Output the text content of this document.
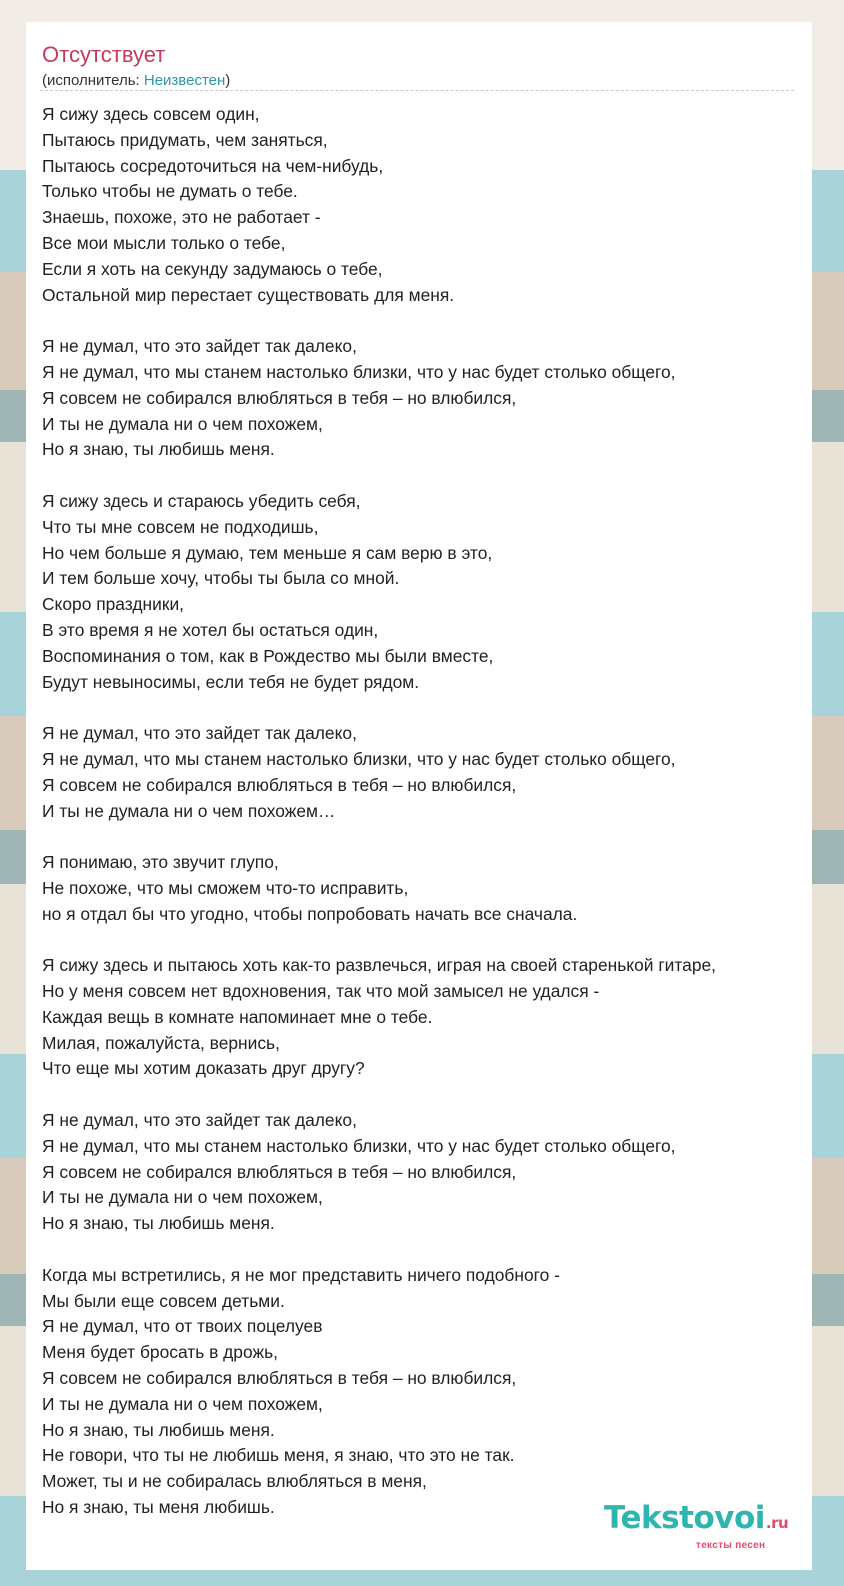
Отсутствует
(исполнитель: Неизвестен)
Я сижу здесь совсем один,
Пытаюсь придумать, чем заняться,
Пытаюсь сосредоточиться на чем-нибудь,
Только чтобы не думать о тебе.
Знаешь, похоже, это не работает -
Все мои мысли только о тебе,
Если я хоть на секунду задумаюсь о тебе,
Остальной мир перестает существовать для меня.
Я не думал, что это зайдет так далеко,
Я не думал, что мы станем настолько близки, что у нас будет столько общего,
Я совсем не собирался влюбляться в тебя – но влюбился,
И ты не думала ни о чем похожем,
Но я знаю, ты любишь меня.
Я сижу здесь и стараюсь убедить себя,
Что ты мне совсем не подходишь,
Но чем больше я думаю, тем меньше я сам верю в это,
И тем больше хочу, чтобы ты была со мной.
Скоро праздники,
В это время я не хотел бы остаться один,
Воспоминания о том, как в Рождество мы были вместе,
Будут невыносимы, если тебя не будет рядом.
Я не думал, что это зайдет так далеко,
Я не думал, что мы станем настолько близки, что у нас будет столько общего,
Я совсем не собирался влюбляться в тебя – но влюбился,
И ты не думала ни о чем похожем…
Я понимаю, это звучит глупо,
Не похоже, что мы сможем что-то исправить,
но я отдал бы что угодно, чтобы попробовать начать все сначала.
Я сижу здесь и пытаюсь хоть как-то развлечься, играя на своей старенькой гитаре,
Но у меня совсем нет вдохновения, так что мой замысел не удался -
Каждая вещь в комнате напоминает мне о тебе.
Милая, пожалуйста, вернись,
Что еще мы хотим доказать друг другу?
Я не думал, что это зайдет так далеко,
Я не думал, что мы станем настолько близки, что у нас будет столько общего,
Я совсем не собирался влюбляться в тебя – но влюбился,
И ты не думала ни о чем похожем,
Но я знаю, ты любишь меня.
Когда мы встретились, я не мог представить ничего подобного -
Мы были еще совсем детьми.
Я не думал, что от твоих поцелуев
Меня будет бросать в дрожь,
Я совсем не собирался влюбляться в тебя – но влюбился,
И ты не думала ни о чем похожем,
Но я знаю, ты любишь меня.
Не говори, что ты не любишь меня, я знаю, что это не так.
Может, ты и не собиралась влюбляться в меня,
Но я знаю, ты меня любишь.	Tekstovoi.ru
тексты песен
